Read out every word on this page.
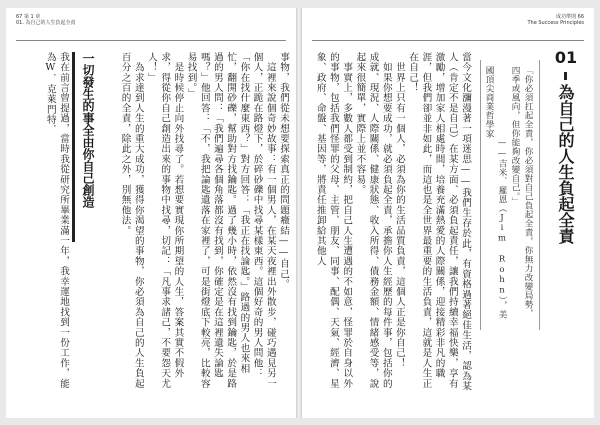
67 第 1 章
01. 為自己的人生負起全責
事物，我們從未想要探索真正的問題癥結——自己。
　這裡來說個奇妙故事：有一個男人，在某天夜裡出外散步，碰巧遇見另一個人，正跪在路燈下，於碎砂礫中找尋某樣東西。這個好奇的男人問他：「你在找什麼東西？」對方回答：「我正在找論匙。」路過的男人也來相忙，翻開砂礫，幫助對方找鑰匙。過了幾小時，依然沒有找到鑰匙，於是路過的男人問：「我們遍尋各個角落都沒有找到，你確定是在這裡遺失論匙嗎？」他回答：「不，我把論匙遺落在家裡了，可是街燈底下較亮，比較容易找到。」
　是時候停止向外找尋了。若想要實現你所期望的人生，答案其實不假外求，得從你自己創造出來的事物中找尋，切記：「凡事求諸己，不要怨天尤人！」
　為求達到人生的重大成功，獲得你渴望的事物，你必須為自己的人生負起百分之百的全責，除此之外，別無他法。
一切發生的事全由你自己創造
我在前言曾提過，當時我從研究所畢業滿一年，我幸運地找到一份工作，能為W．克萊門特．
成功準則 66
The Success Principles
01
為自己的人生負起全責
「你必須扛起全責，你必須對自己負起全責，你無力改變局勢，四季或風向，但你能夠改變自己。」
　　　　　　　　——吉米．羅恩（Jim Rohn），美國頂尖商業哲學家
當今文化瀰漫著一項迷思——我們生存於此，有資格過著絕佳生活，認為某人（肯定不是自己）在某方面、必須負起責任，讓我們持續幸福快樂，享有激勵，增加家人相處時間，培養充滿熱愛的人際關係，迎接精彩非凡的職涯，但我們卻並非如此，而這也是全世界最重要的生活負責，這就是人生正在自己！
　世界上只有一個人，必須為你的生活品質負責，這個人正是你自己！
　如果你想要成功，就必須負起全責，承擔你人生經歷的每件事，包括你的成就、現況、人際關係、健康狀態、收入所得、債務金額、情緒感受等，說起來很簡單，實際上並不容易。
　事實上，多數人都受到制約，把自己人生遭遇的不如意，怪罪於自身以外的事物，包括我們怪罪的父母、主管、朋友、同事、配偶、天氣、經濟、星象、政府、命盤、基因等，將責任推卸給其他人
